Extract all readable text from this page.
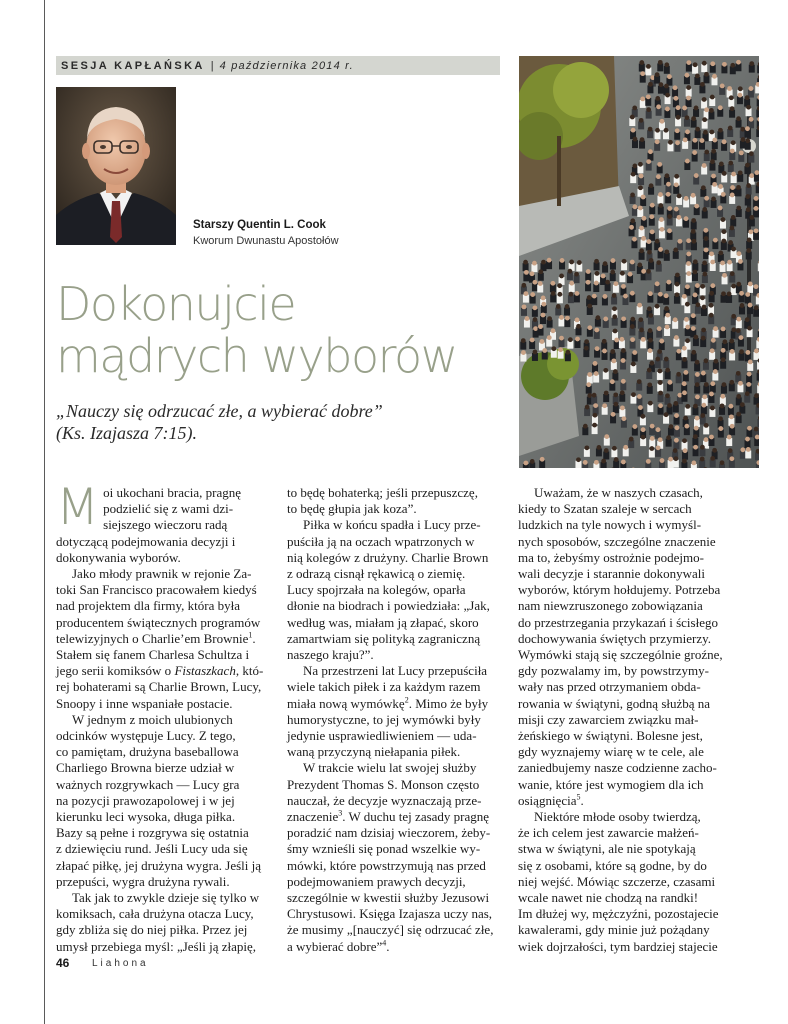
SESJA KAPŁAŃSKA | 4 października 2014 r.
Starszy Quentin L. Cook
Kworum Dwunastu Apostołów
Dokonujcie
mądrych wyborów
„Nauczy się odrzucać złe, a wybierać dobre”
(Ks. Izajasza 7:15).

M oi ukochani bracia, pragnę
podzielić się z wami dzi-
siejszego wieczoru radą
dotyczącą podejmowania decyzji i
dokonywania wyborów.

Jako młody prawnik w rejonie Za-
toki San Francisco pracowałem kiedyś
nad projektem dla firmy, która była
producentem świątecznych programów
telewizyjnych o Charlie’em Brownie$^1$.
Stałem się fanem Charlesa Schultza i
jego serii komiksów o Fistaszkach, któ-
rej bohaterami są Charlie Brown, Lucy,
Snoopy i inne wspaniałe postacie.

W jednym z moich ulubionych
odcinków występuje Lucy. Z tego,
co pamiętam, drużyna baseballowa
Charliego Browna bierze udział w
ważnych rozgrywkach — Lucy gra
na pozycji prawozapolowej i w jej
kierunku leci wysoka, długa piłka.
Bazy są pełne i rozgrywa się ostatnia
z dziewięciu rund. Jeśli Lucy uda się
złapać piłkę, jej drużyna wygra. Jeśli ją
przepuści, wygra drużyna rywali.

Tak jak to zwykle dzieje się tylko w
komiksach, cała drużyna otacza Lucy,
gdy zbliża się do niej piłka. Przez jej
umysł przebiega myśl: „Jeśli ją złapię,

to będę bohaterką; jeśli przepuszczę,
to będę głupia jak koza”.

Piłka w końcu spadła i Lucy prze-
puściła ją na oczach wpatrzonych w
nią kolegów z drużyny. Charlie Brown
z odrazą cisnął rękawicą o ziemię.
Lucy spojrzała na kolegów, oparła
dłonie na biodrach i powiedziała: „Jak,
według was, miałam ją złapać, skoro
zamartwiam się polityką zagraniczną
naszego kraju?”.

Na przestrzeni lat Lucy przepuściła
wiele takich piłek i za każdym razem
miała nową wymówkę$^2$. Mimo że były
humorystyczne, to jej wymówki były
jedynie usprawiedliwieniem — uda-
waną przyczyną niełapania piłek.

W trakcie wielu lat swojej służby
Prezydent Thomas S. Monson często
nauczał, że decyzje wyznaczają prze-
znaczenie$^3$. W duchu tej zasady pragnę
poradzić nam dzisiaj wieczorem, żeby-
śmy wznieśli się ponad wszelkie wy-
mówki, które powstrzymują nas przed
podejmowaniem prawych decyzji,
szczególnie w kwestii służby Jezusowi
Chrystusowi. Księga Izajasza uczy nas,
że musimy „[nauczyć] się odrzucać złe,
a wybierać dobre”$^4$.

Uważam, że w naszych czasach,
kiedy to Szatan szaleje w sercach
ludzkich na tyle nowych i wymyśl-
nych sposobów, szczególne znaczenie
ma to, żebyśmy ostrożnie podejmo-
wali decyzje i starannie dokonywali
wyborów, którym hołdujemy. Potrzeba
nam niewzruszonego zobowiązania
do przestrzegania przykazań i ścisłego
dochowywania świętych przymierzy.
Wymówki stają się szczególnie groźne,
gdy pozwalamy im, by powstrzymy-
wały nas przed otrzymaniem obda-
rowania w świątyni, godną służbą na
misji czy zawarciem związku mał-
żeńskiego w świątyni. Bolesne jest,
gdy wyznajemy wiarę w te cele, ale
zaniedbujemy nasze codzienne zacho-
wanie, które jest wymogiem dla ich
osiągnięcia$^5$.

Niektóre młode osoby twierdzą,
że ich celem jest zawarcie małżeń-
stwa w świątyni, ale nie spotykają
się z osobami, które są godne, by do
niej wejść. Mówiąc szczerze, czasami
wcale nawet nie chodzą na randki!
Im dłużej wy, mężczyźni, pozostajecie
kawalerami, gdy minie już pożądany
wiek dojrzałości, tym bardziej stajecie

46 Liahona
